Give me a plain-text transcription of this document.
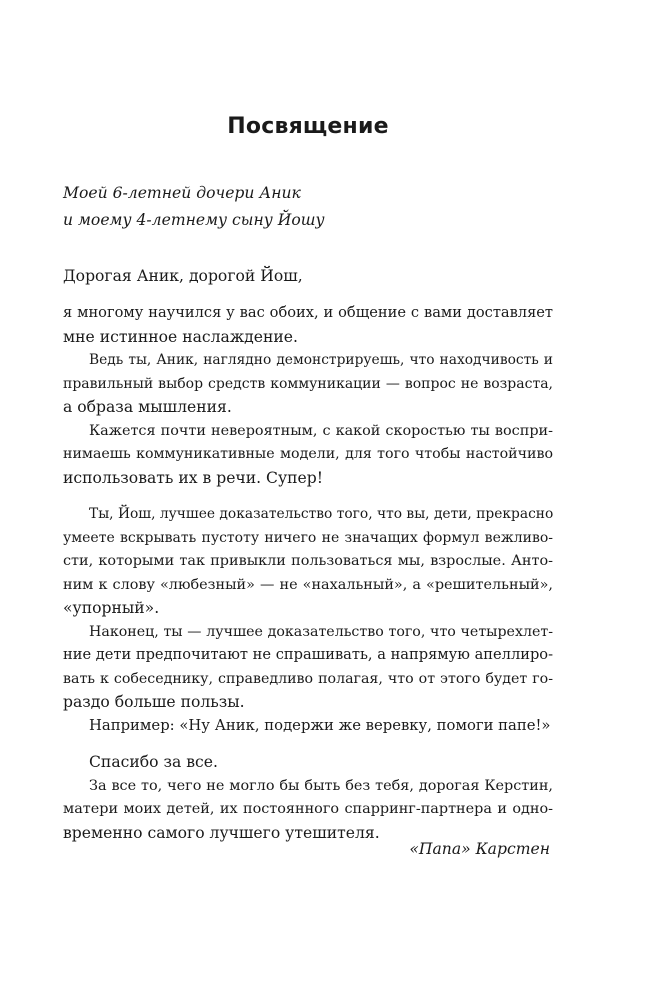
Посвящение
Моей 6-летней дочери Аник
и моему 4-летнему сыну Йошу
Дорогая Аник, дорогой Йош,
я многому научился у вас обоих, и общение с вами доставляет
мне истинное наслаждение.
Ведь ты, Аник, наглядно демонстрируешь, что находчивость и
правильный выбор средств коммуникации — вопрос не возраста,
а образа мышления.
Кажется почти невероятным, с какой скоростью ты воспри-
нимаешь коммуникативные модели, для того чтобы настойчиво
использовать их в речи. Супер!
Ты, Йош, лучшее доказательство того, что вы, дети, прекрасно
умеете вскрывать пустоту ничего не значащих формул вежливо-
сти, которыми так привыкли пользоваться мы, взрослые. Анто-
ним к слову «любезный» — не «нахальный», а «решительный»,
«упорный».
Наконец, ты — лучшее доказательство того, что четырехлет-
ние дети предпочитают не спрашивать, а напрямую апеллиро-
вать к собеседнику, справедливо полагая, что от этого будет го-
раздо больше пользы.
Например: «Ну Аник, подержи же веревку, помоги папе!»
Спасибо за все.
За все то, чего не могло бы быть без тебя, дорогая Керстин,
матери моих детей, их постоянного спарринг-партнера и одно-
временно самого лучшего утешителя.
«Папа» Карстен
